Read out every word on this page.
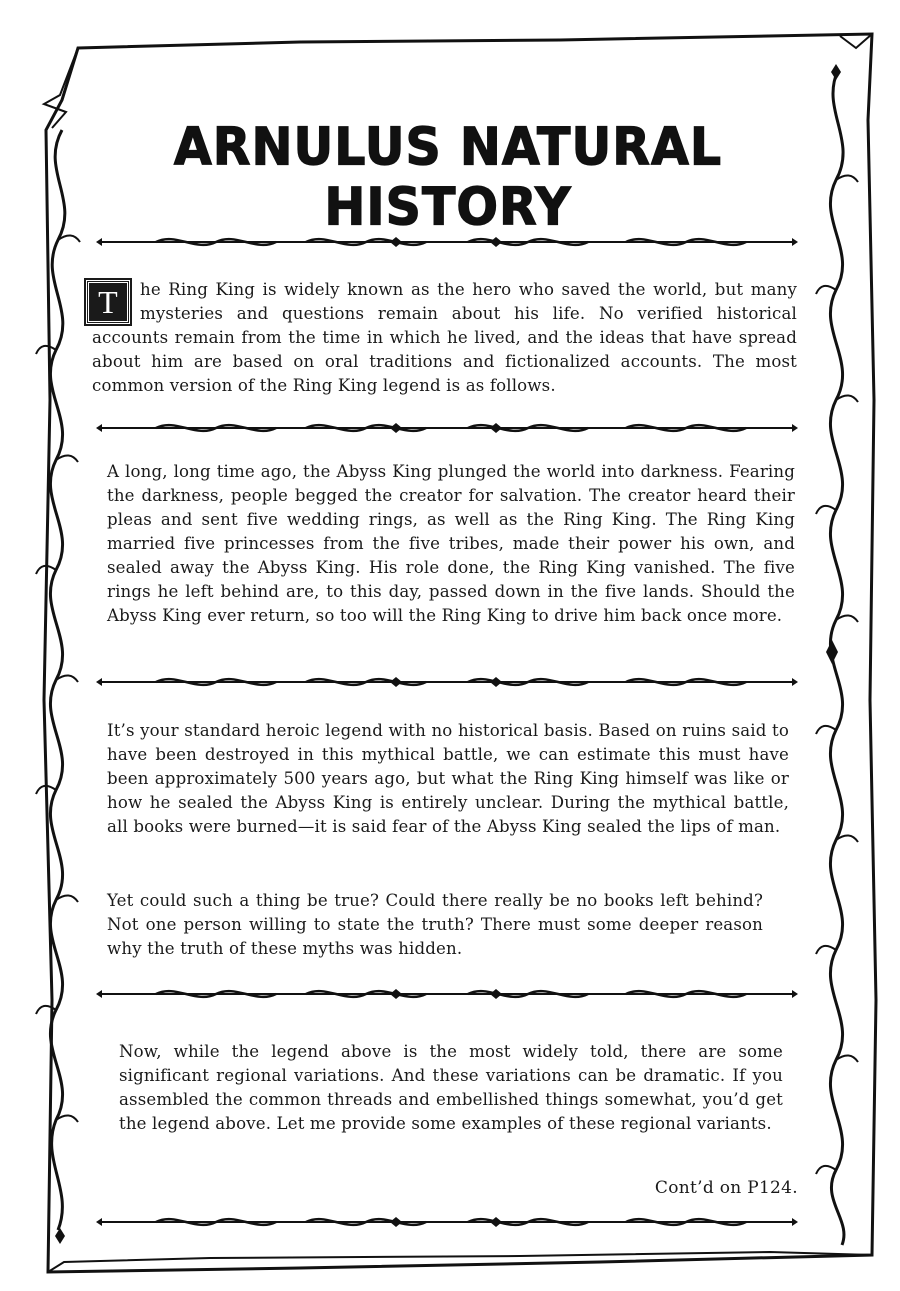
ARNULUS NATURAL HISTORY

T	he Ring King is widely known as the hero who saved the world, but many mysteries and questions remain about his life. No verified historical accounts remain from the time in which he lived, and the ideas that have spread about him are based on oral traditions and fictionalized accounts. The most common version of the Ring King legend is as follows.

A long, long time ago, the Abyss King plunged the world into darkness. Fearing the darkness, people begged the creator for salvation. The creator heard their pleas and sent five wedding rings, as well as the Ring King. The Ring King married five princesses from the five tribes, made their power his own, and sealed away the Abyss King. His role done, the Ring King vanished. The five rings he left behind are, to this day, passed down in the five lands. Should the Abyss King ever return, so too will the Ring King to drive him back once more.

It’s your standard heroic legend with no historical basis. Based on ruins said to have been destroyed in this mythical battle, we can estimate this must have been approximately 500 years ago, but what the Ring King himself was like or how he sealed the Abyss King is entirely unclear. During the mythical battle, all books were burned—it is said fear of the Abyss King sealed the lips of man.

Yet could such a thing be true? Could there really be no books left behind? Not one person willing to state the truth? There must some deeper reason why the truth of these myths was hidden.

Now, while the legend above is the most widely told, there are some significant regional variations. And these variations can be dramatic. If you assembled the common threads and embellished things somewhat, you’d get the legend above. Let me provide some examples of these regional variants.

Cont’d on P124.
